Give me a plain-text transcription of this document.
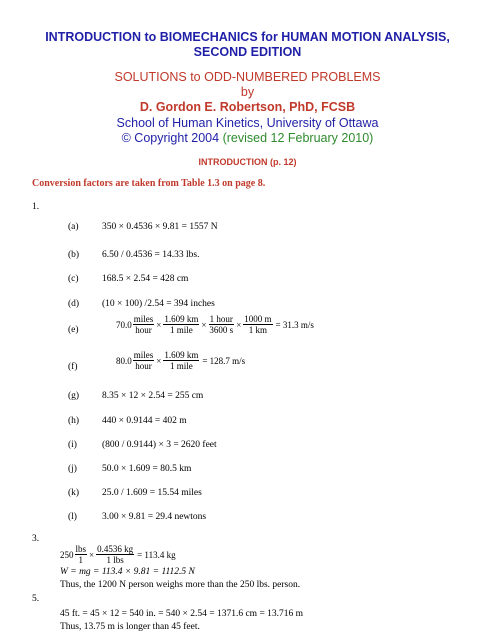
INTRODUCTION to BIOMECHANICS for HUMAN MOTION ANALYSIS,
SECOND EDITION
SOLUTIONS to ODD-NUMBERED PROBLEMS
by
D. Gordon E. Robertson, PhD, FCSB
School of Human Kinetics, University of Ottawa
© Copyright 2004 (revised 12 February 2010)
INTRODUCTION (p. 12)
Conversion factors are taken from Table 1.3 on page 8.
1.
(a) 350 × 0.4536 × 9.81 = 1557 N
(b) 6.50 / 0.4536 = 14.33 lbs.
(c) 168.5 × 2.54 = 428 cm
(d) (10 × 100) /2.54 = 394 inches
(e)
$70.0 \frac{\text{miles}}{\text{hour}} \times \frac{1.609 km}{\text{1 mile}} \times \frac{\text{1 hour}}{3600 s} \times \frac{1000 m}{1 km} = 31.3$ m/s
(f)
$80.0 \frac{\text{miles}}{\text{hour}} \times \frac{1.609 km}{\text{1 mile}} = 128.7$ m/s
(g) 8.35 × 12 × 2.54 = 255 cm
(h) 440 × 0.9144 = 402 m
(i)	(800 / 0.9144) × 3 = 2620 feet
(j)	50.0 × 1.609 = 80.5 km
(k) 25.0 / 1.609 = 15.54 miles
(l)	3.00 × 9.81 = 29.4 newtons
3.
$250 \frac{\text{lbs}}{1} \times \frac{0.4536 kg}{\text{1 lbs}} = 113.4$ kg
W = mg = 113.4 × 9.81 = 1112.5 N
Thus, the 1200 N person weighs more than the 250 lbs. person.
5.
45 ft. = 45 × 12 = 540 in. = 540 × 2.54 = 1371.6 cm = 13.716 m
Thus, 13.75 m is longer than 45 feet.
